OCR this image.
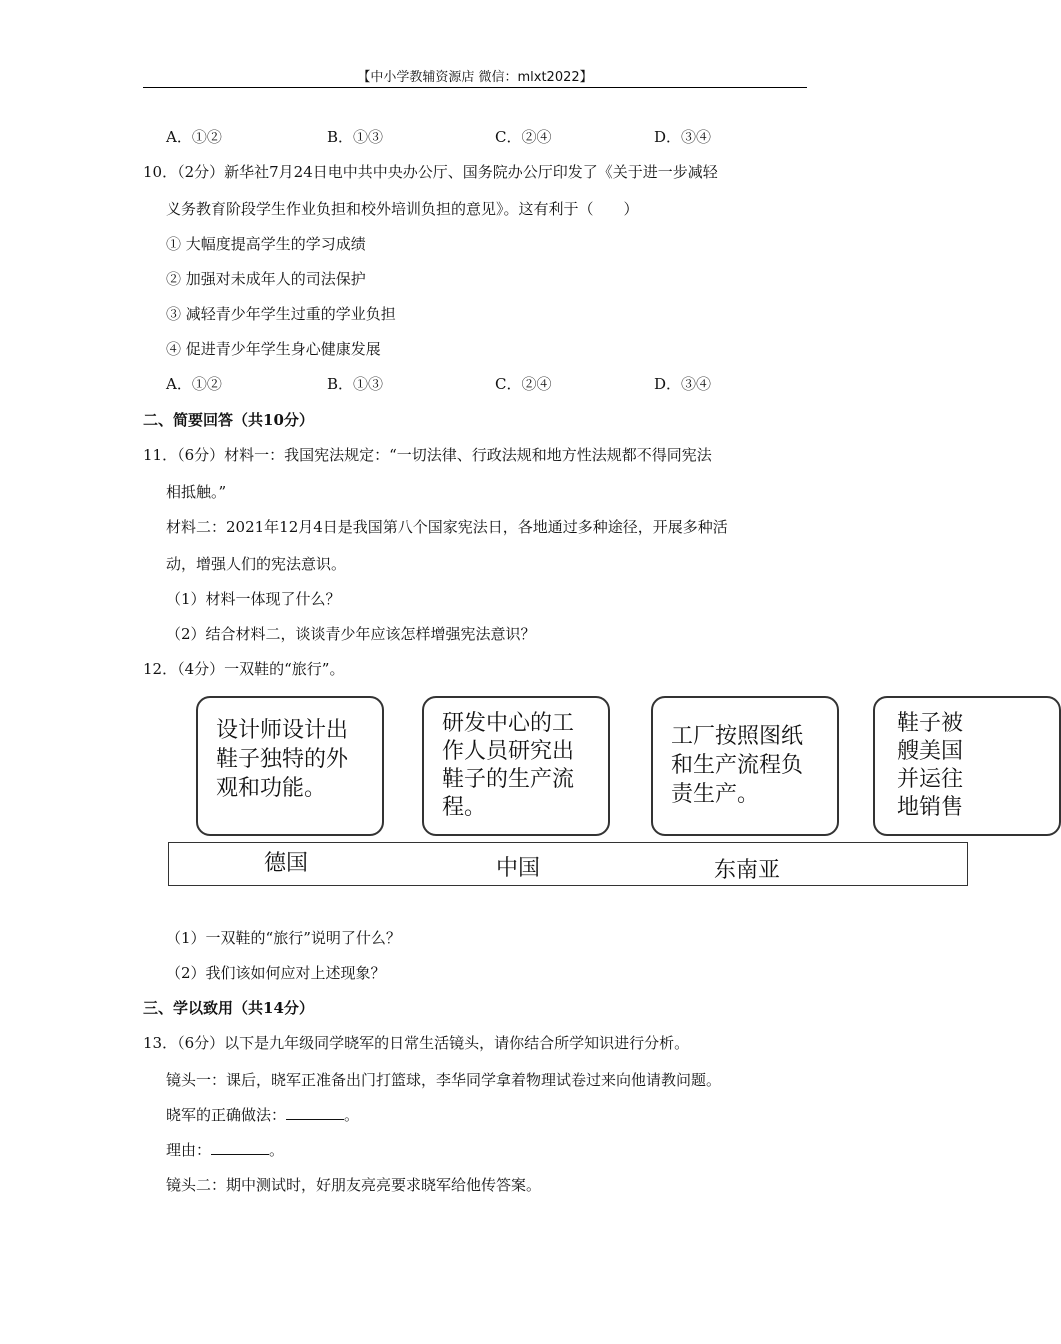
【中小学教辅资源店 微信：mlxt2022】
A．①②	B．①③	C．②④	D．③④
10．（2分）新华社7月24日电中共中央办公厅、国务院办公厅印发了《关于进一步减轻
义务教育阶段学生作业负担和校外培训负担的意见》。这有利于（　　）
① 大幅度提高学生的学习成绩
② 加强对未成年人的司法保护
③ 减轻青少年学生过重的学业负担
④ 促进青少年学生身心健康发展
A．①②	B．①③	C．②④	D．③④
二、简要回答（共10分）
11．（6分）材料一：我国宪法规定：“一切法律、行政法规和地方性法规都不得同宪法
相抵触。”
材料二：2021年12月4日是我国第八个国家宪法日，各地通过多种途径，开展多种活
动，增强人们的宪法意识。
（1）材料一体现了什么？
（2）结合材料二，谈谈青少年应该怎样增强宪法意识？
12．（4分）一双鞋的“旅行”。
设计师设计出
鞋子独特的外
观和功能。
研发中心的工
作人员研究出
鞋子的生产流
程。
工厂按照图纸
和生产流程负
责生产。
鞋子被
艘美国
并运往
地销售
德国	中国	东南亚
（1）一双鞋的“旅行”说明了什么？
（2）我们该如何应对上述现象？
三、学以致用（共14分）
13．（6分）以下是九年级同学晓军的日常生活镜头，请你结合所学知识进行分析。
镜头一：课后，晓军正准备出门打篮球，李华同学拿着物理试卷过来向他请教问题。
晓军的正确做法：	。
理由：	。
镜头二：期中测试时，好朋友亮亮要求晓军给他传答案。
